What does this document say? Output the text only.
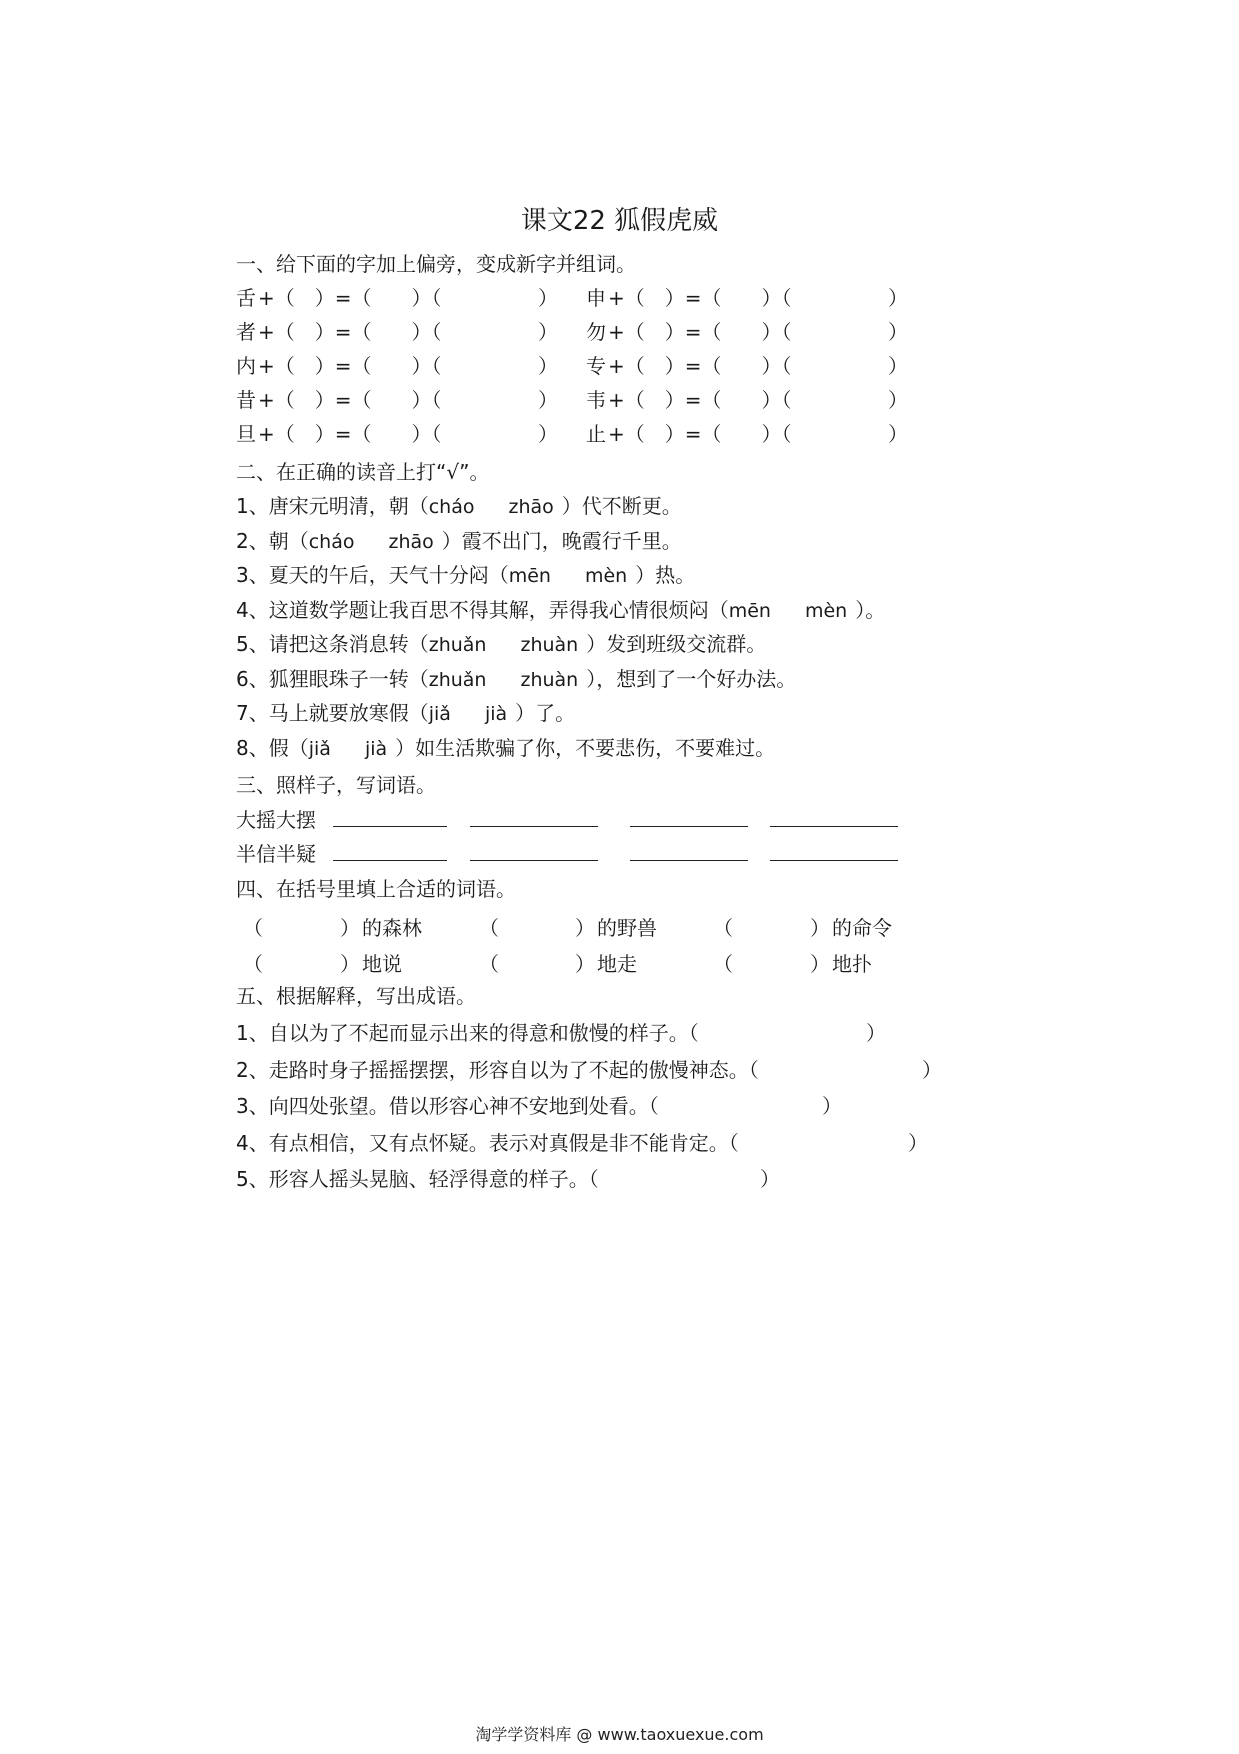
课文22 狐假虎威
一、给下面的字加上偏旁，变成新字并组词。
舌 +（　）=（　　）（	） 申 +（　）=（　　）（	）
者 +（　）=（　　）（	） 勿 +（　）=（　　）（	）
内 +（　）=（　　）（	） 专 +（　）=（　　）（	）
昔 +（　）=（　　）（	） 韦 +（　）=（　　）（	）
旦 +（　）=（　　）（	） 止 +（　）=（　　）（	）
二、在正确的读音上打“√”。
1、唐宋元明清，朝（cháo zhāo ）代不断更。
2、朝（cháo zhāo ）霞不出门，晚霞行千里。
3、夏天的午后，天气十分闷（mēn mèn ）热。
4、这道数学题让我百思不得其解，弄得我心情很烦闷（mēn mèn ）。
5、请把这条消息转（zhuǎn zhuàn ）发到班级交流群。
6、狐狸眼珠子一转（zhuǎn zhuàn ），想到了一个好办法。
7、马上就要放寒假（jiǎ jià ）了。
8、假（jiǎ jià ）如生活欺骗了你，不要悲伤，不要难过。
三、照样子，写词语。
大摇大摆
半信半疑
四、在括号里填上合适的词语。
（	） 的森林	（	） 的野兽	（	） 的命令
（	） 地说	（	） 地走	（	） 地扑
五、根据解释，写出成语。
1、自以为了不起而显示出来的得意和傲慢的样子。（	）
2、走路时身子摇摇摆摆，形容自以为了不起的傲慢神态。（	）
3、向四处张望。借以形容心神不安地到处看。（	）
4、有点相信，又有点怀疑。表示对真假是非不能肯定。（	）
5、形容人摇头晃脑、轻浮得意的样子。（	）
淘学学资料库 @ www.taoxuexue.com
